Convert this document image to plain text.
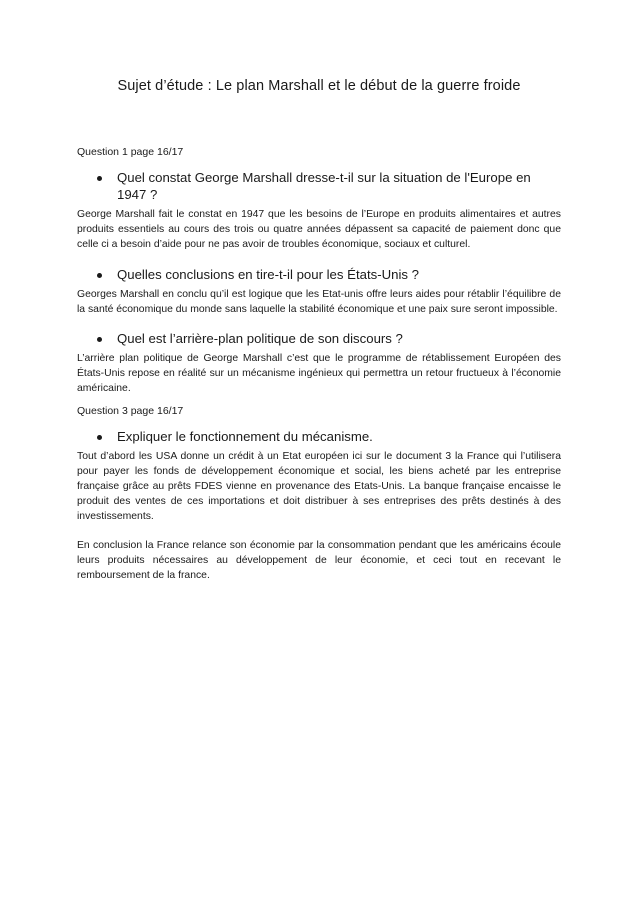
Sujet d’étude : Le plan Marshall et le début de la guerre froide
Question 1 page 16/17
Quel constat George Marshall dresse-t-il sur la situation de l'Europe en 1947 ?

George Marshall fait le constat en 1947 que les besoins de l’Europe en produits alimentaires et autres produits essentiels au cours des trois ou quatre années dépassent sa capacité de paiement donc que celle ci a besoin d’aide pour ne pas avoir de troubles économique, sociaux et culturel.

Quelles conclusions en tire-t-il pour les États-Unis ?

Georges Marshall en conclu qu’il est logique que les Etat-unis offre leurs aides pour rétablir l’équilibre de la santé économique du monde sans laquelle la stabilité économique et une paix sure seront impossible.

Quel est l’arrière-plan politique de son discours ?

L’arrière plan politique de George Marshall c’est que le programme de rétablissement Européen des États-Unis repose en réalité sur un mécanisme ingénieux qui permettra un retour fructueux à l’économie américaine.

Question 3 page 16/17
Expliquer le fonctionnement du mécanisme.

Tout d’abord les USA donne un crédit à un Etat européen ici sur le document 3 la France qui l’utilisera pour payer les fonds de développement économique et social, les biens acheté par les entreprise française grâce au prêts FDES vienne en provenance des Etats-Unis. La banque française encaisse le produit des ventes de ces importations et doit distribuer à ses entreprises des prêts destinés à des investissements.

En conclusion la France relance son économie par la consommation pendant que les américains écoule leurs produits nécessaires au développement de leur économie, et ceci tout en recevant le remboursement de la france.
